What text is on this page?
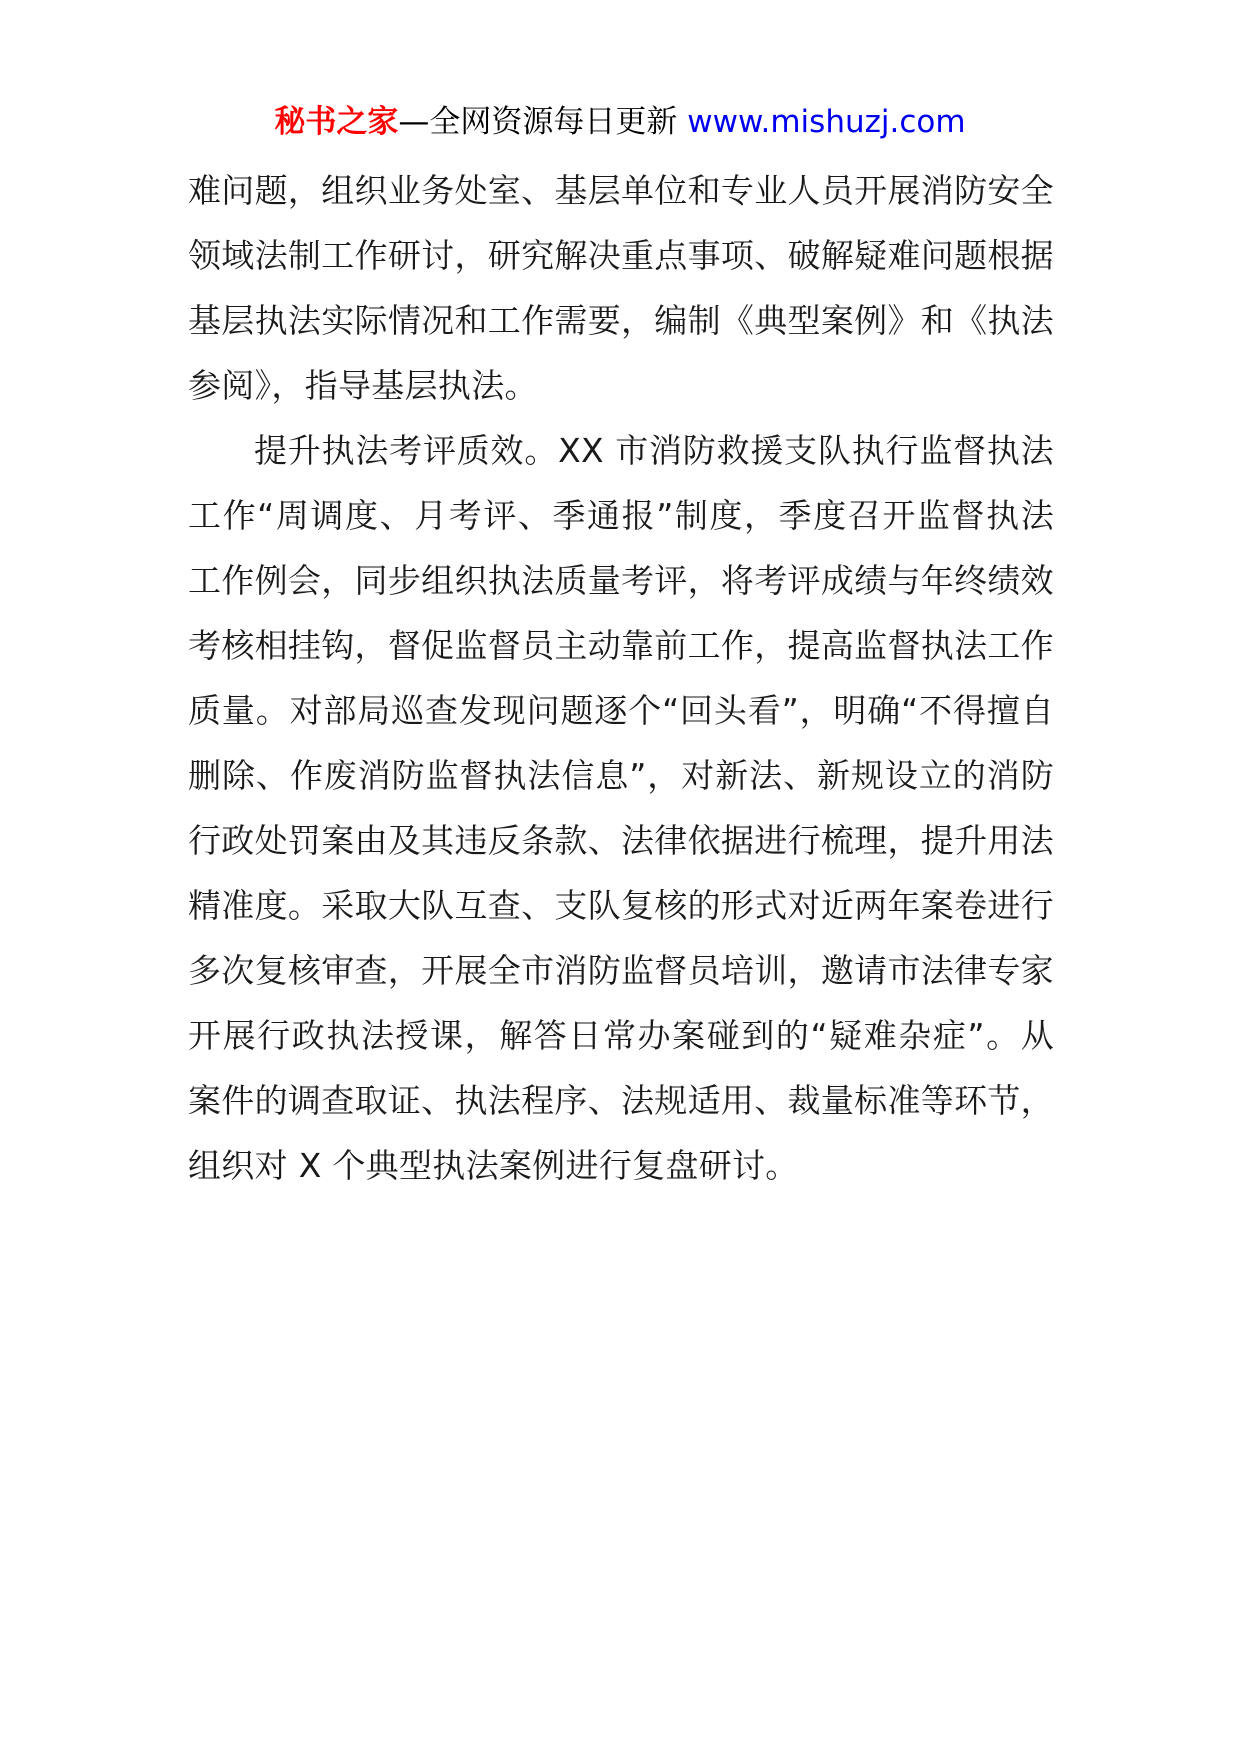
秘书之家—全网资源每日更新 www.mishuzj.com

难问题，组织业务处室、基层单位和专业人员开展消防安全领域法制工作研讨，研究解决重点事项、破解疑难问题根据基层执法实际情况和工作需要，编制《典型案例》和《执法参阅》，指导基层执法。

提升执法考评质效。XX 市消防救援支队执行监督执法工作“周调度、月考评、季通报”制度，季度召开监督执法工作例会，同步组织执法质量考评，将考评成绩与年终绩效考核相挂钩，督促监督员主动靠前工作，提高监督执法工作质量。对部局巡查发现问题逐个“回头看”，明确“不得擅自删除、作废消防监督执法信息”，对新法、新规设立的消防行政处罚案由及其违反条款、法律依据进行梳理，提升用法精准度。采取大队互查、支队复核的形式对近两年案卷进行多次复核审查，开展全市消防监督员培训，邀请市法律专家开展行政执法授课，解答日常办案碰到的“疑难杂症”。从案件的调查取证、执法程序、法规适用、裁量标准等环节，组织对 X 个典型执法案例进行复盘研讨。
